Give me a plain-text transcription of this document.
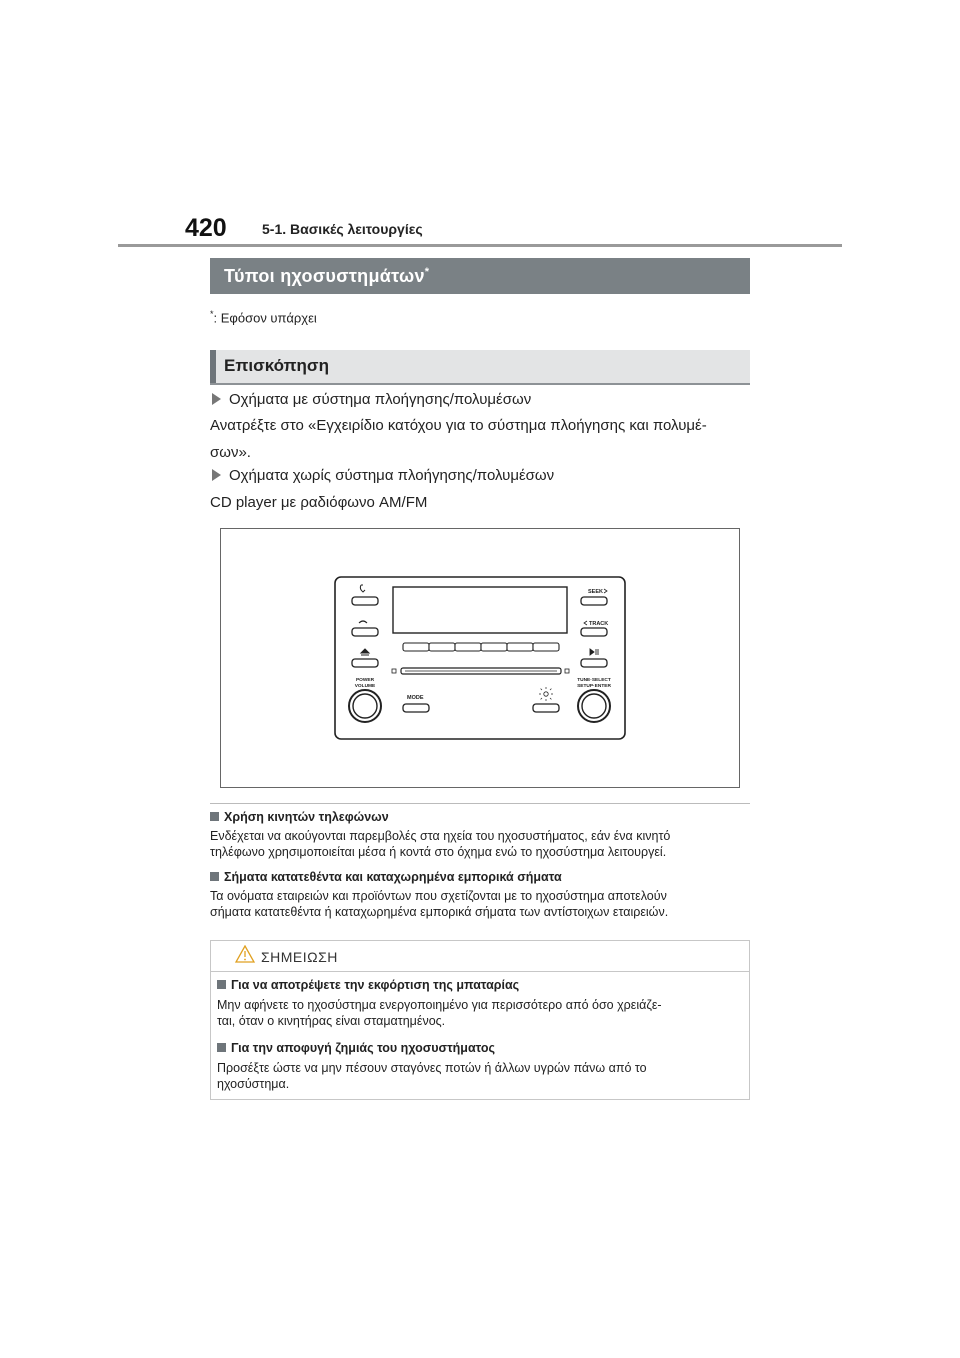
420	5-1. Βασικές λειτουργίες
Τύποι ηχοσυστημάτων*
*: Εφόσον υπάρχει
Επισκόπηση
Οχήματα με σύστημα πλοήγησης/πολυμέσων
Ανατρέξτε στο «Εγχειρίδιο κατόχου για το σύστημα πλοήγησης και πολυμέ-
σων».
Οχήματα χωρίς σύστημα πλοήγησης/πολυμέσων
CD player με ραδιόφωνο AM/FM
SEEK
TRACK
POWER
VOLUME
MODE
TUNE·SELECT
SETUP·ENTER
Χρήση κινητών τηλεφώνων
Ενδέχεται να ακούγονται παρεμβολές στα ηχεία του ηχοσυστήματος, εάν ένα κινητό
τηλέφωνο χρησιμοποιείται μέσα ή κοντά στο όχημα ενώ το ηχοσύστημα λειτουργεί.
Σήματα κατατεθέντα και καταχωρημένα εμπορικά σήματα
Τα ονόματα εταιρειών και προϊόντων που σχετίζονται με το ηχοσύστημα αποτελούν
σήματα κατατεθέντα ή καταχωρημένα εμπορικά σήματα των αντίστοιχων εταιρειών.
ΣΗΜΕΙΩΣΗ
Για να αποτρέψετε την εκφόρτιση της μπαταρίας
Μην αφήνετε το ηχοσύστημα ενεργοποιημένο για περισσότερο από όσο χρειάζε-
ται, όταν ο κινητήρας είναι σταματημένος.
Για την αποφυγή ζημιάς του ηχοσυστήματος
Προσέξτε ώστε να μην πέσουν σταγόνες ποτών ή άλλων υγρών πάνω από το
ηχοσύστημα.
